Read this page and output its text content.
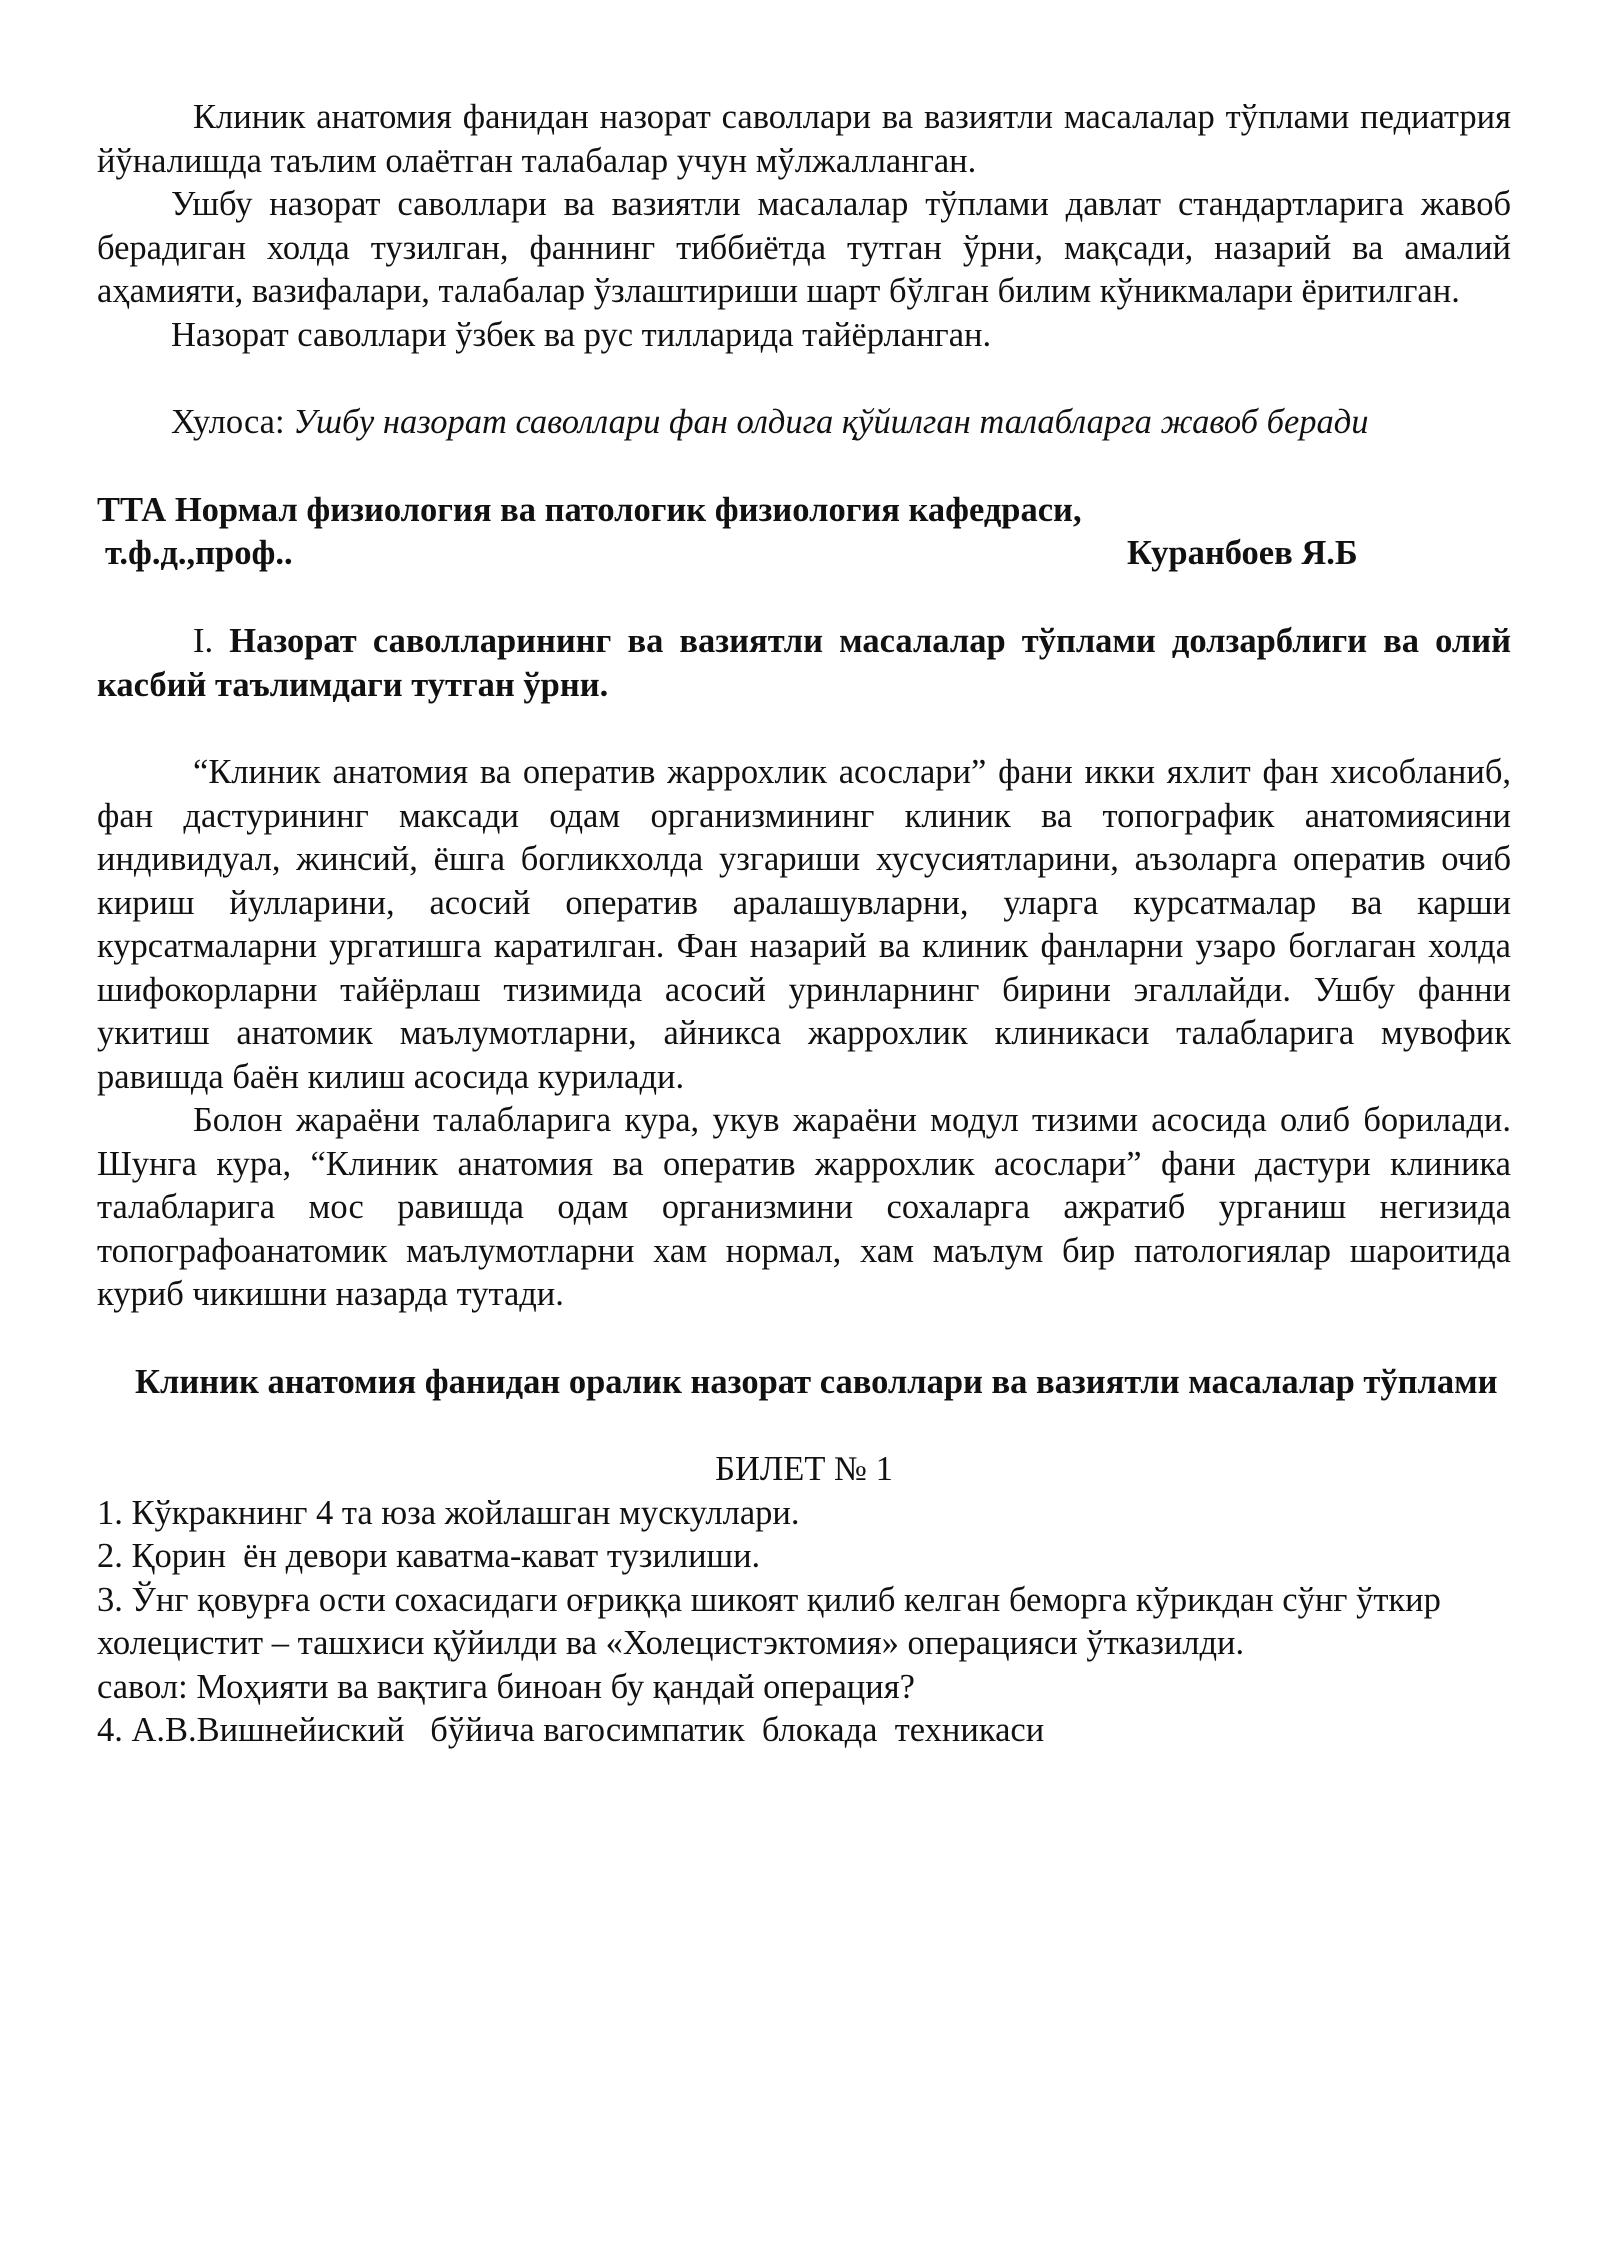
Клиник анатомия фанидан назорат саволлари ва вазиятли масалалар тўплами педиатрия йўналишда таълим олаётган талабалар учун мўлжалланган.

Ушбу назорат саволлари ва вазиятли масалалар тўплами давлат стандартларига жавоб берадиган холда тузилган, фаннинг тиббиётда тутган ўрни, мақсади, назарий ва амалий аҳамияти, вазифалари, талабалар ўзлаштириши шарт бўлган билим кўникмалари ёритилган.

Назорат саволлари ўзбек ва рус тилларида тайёрланган.

Хулоса: Ушбу назорат саволлари фан олдига қўйилган талабларга жавоб беради

ТТА Нормал физиология ва патологик физиология кафедраси,

т.ф.д.,проф..	Куранбоев Я.Б

I. Назорат саволларининг ва вазиятли масалалар тўплами долзарблиги ва олий касбий таълимдаги тутган ўрни.

“Клиник анатомия ва оператив жаррохлик асослари” фани икки яхлит фан хисобланиб, фан дастурининг максади одам организмининг клиник ва топографик анатомиясини индивидуал, жинсий, ёшга богликхолда узгариши хусусиятларини, аъзоларга оператив очиб кириш йулларини, асосий оператив аралашувларни, уларга курсатмалар ва карши курсатмаларни ургатишга каратилган. Фан назарий ва клиник фанларни узаро боглаган холда шифокорларни тайёрлаш тизимида асосий уринларнинг бирини эгаллайди. Ушбу фанни укитиш анатомик маълумотларни, айникса жаррохлик клиникаси талабларига мувофик равишда баён килиш асосида курилади.

Болон жараёни талабларига кура, укув жараёни модул тизими асосида олиб борилади. Шунга кура, “Клиник анатомия ва оператив жаррохлик асослари” фани дастури клиника талабларига мос равишда одам организмини сохаларга ажратиб урганиш негизида топографоанатомик маълумотларни хам нормал, хам маълум бир патологиялар шароитида куриб чикишни назарда тутади.

Клиник анатомия фанидан оралик назорат саволлари ва вазиятли масалалар тўплами

БИЛЕТ № 1

1. Кўкракнинг 4 та юза жойлашган мускуллари.

2. Қорин  ён девори каватма-кават тузилиши.

3. Ўнг қовурға ости сохасидаги оғриққа шикоят қилиб келган беморга кўрикдан сўнг ўткир холецистит – ташхиси қўйилди ва «Холецистэктомия» операцияси ўтказилди.

савол: Моҳияти ва вақтига биноан бу қандай операция?

4. А.В.Вишнейиский   бўйича вагосимпатик  блокада  техникаси
